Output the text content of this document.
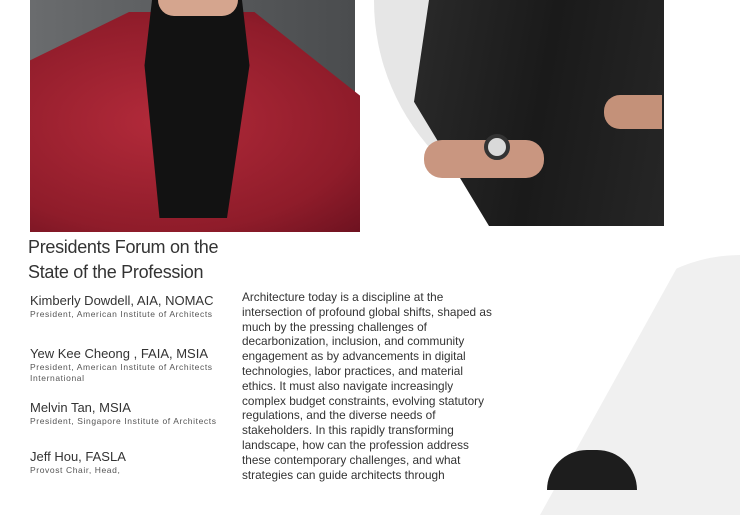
Presidents Forum on the
State of the Profession
Kimberly Dowdell, AIA, NOMAC
President, American Institute of Architects
Yew Kee Cheong , FAIA, MSIA
President, American Institute of Architects International
Melvin Tan, MSIA
President, Singapore Institute of Architects
Jeff Hou, FASLA
Provost Chair, Head,
Architecture today is a discipline at the intersection of profound global shifts, shaped as much by the pressing challenges of decarbonization, inclusion, and community engagement as by advancements in digital technologies, labor practices, and material ethics. It must also navigate increasingly complex budget constraints, evolving statutory regulations, and the diverse needs of stakeholders. In this rapidly transforming landscape, how can the profession address these contemporary challenges, and what strategies can guide architects through
